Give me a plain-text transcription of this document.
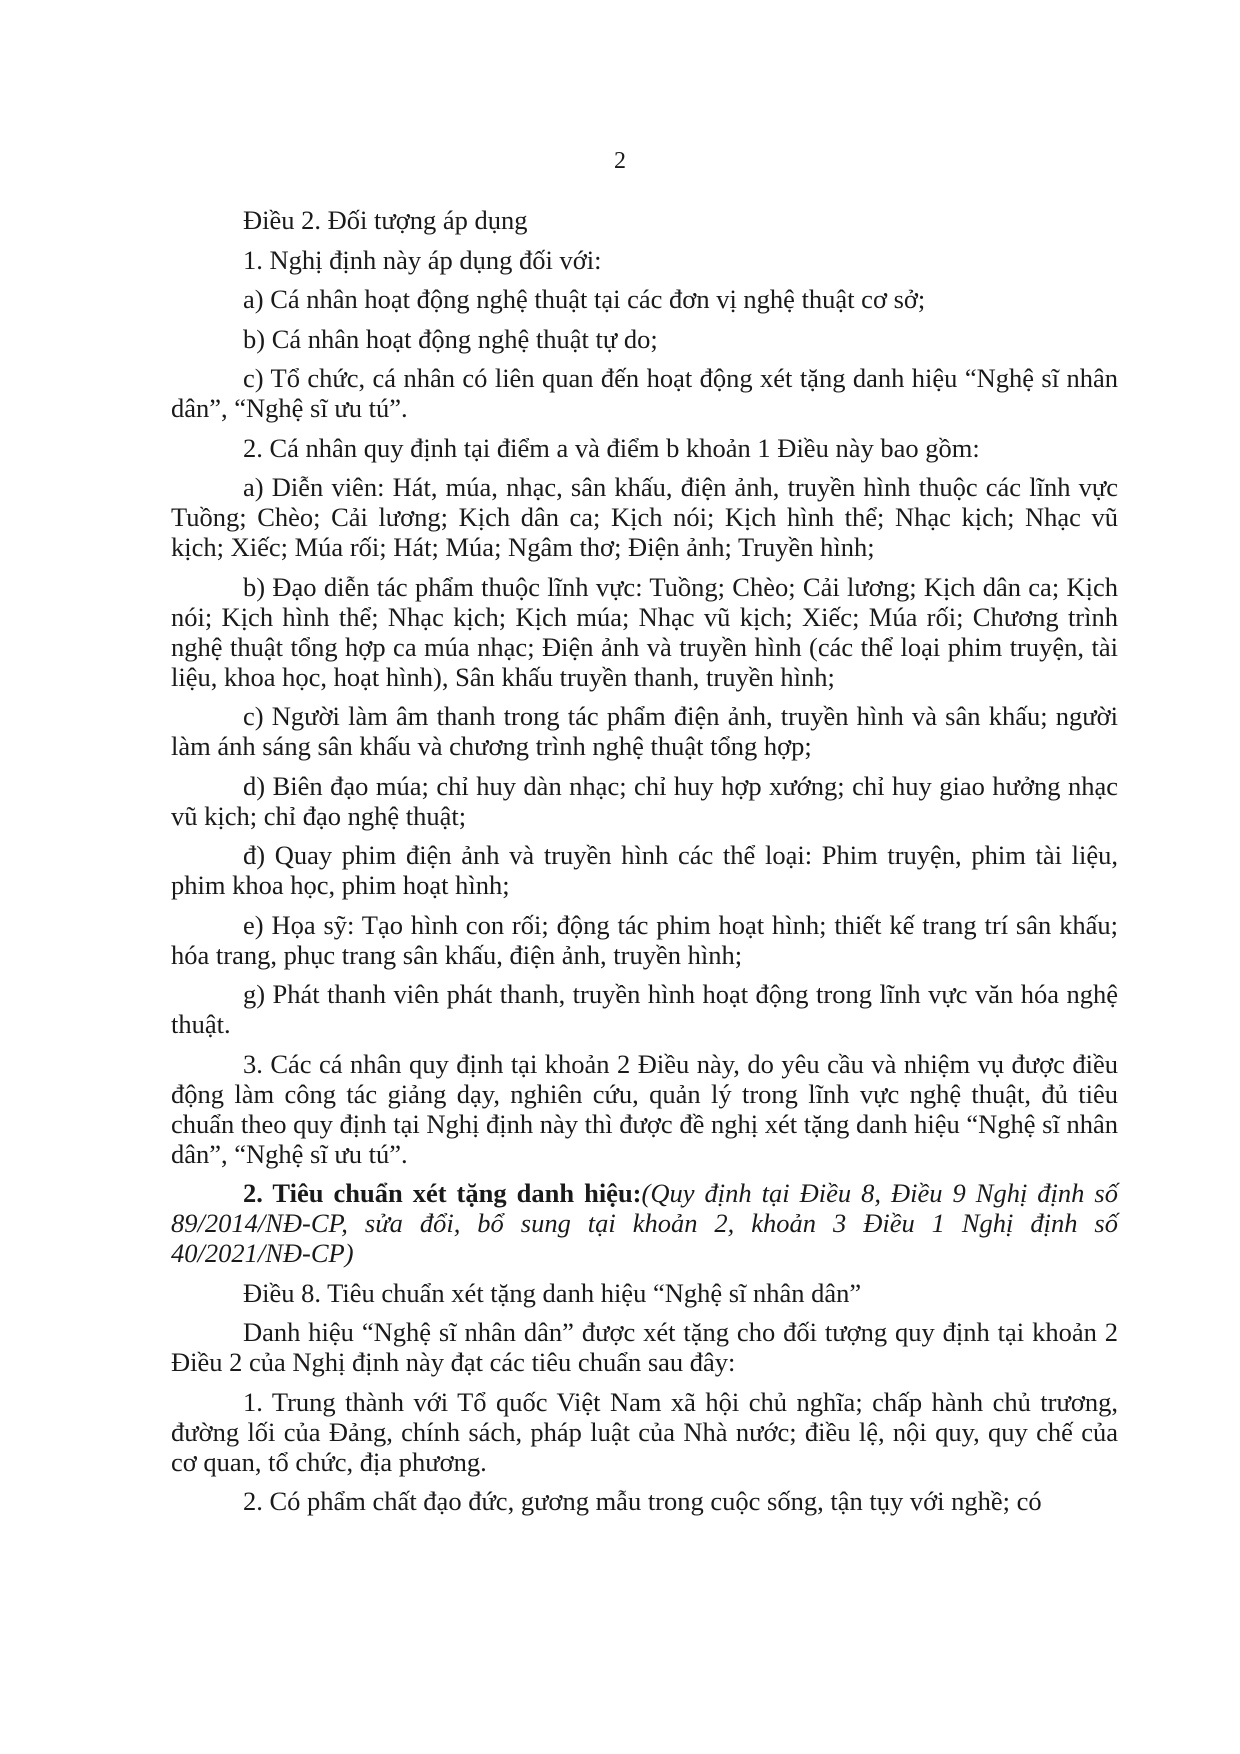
2

Điều 2. Đối tượng áp dụng

1. Nghị định này áp dụng đối với:

a) Cá nhân hoạt động nghệ thuật tại các đơn vị nghệ thuật cơ sở;

b) Cá nhân hoạt động nghệ thuật tự do;

c) Tổ chức, cá nhân có liên quan đến hoạt động xét tặng danh hiệu “Nghệ sĩ nhân dân”, “Nghệ sĩ ưu tú”.

2. Cá nhân quy định tại điểm a và điểm b khoản 1 Điều này bao gồm:

a) Diễn viên: Hát, múa, nhạc, sân khấu, điện ảnh, truyền hình thuộc các lĩnh vực Tuồng; Chèo; Cải lương; Kịch dân ca; Kịch nói; Kịch hình thể; Nhạc kịch; Nhạc vũ kịch; Xiếc; Múa rối; Hát; Múa; Ngâm thơ; Điện ảnh; Truyền hình;

b) Đạo diễn tác phẩm thuộc lĩnh vực: Tuồng; Chèo; Cải lương; Kịch dân ca; Kịch nói; Kịch hình thể; Nhạc kịch; Kịch múa; Nhạc vũ kịch; Xiếc; Múa rối; Chương trình nghệ thuật tổng hợp ca múa nhạc; Điện ảnh và truyền hình (các thể loại phim truyện, tài liệu, khoa học, hoạt hình), Sân khấu truyền thanh, truyền hình;

c) Người làm âm thanh trong tác phẩm điện ảnh, truyền hình và sân khấu; người làm ánh sáng sân khấu và chương trình nghệ thuật tổng hợp;

d) Biên đạo múa; chỉ huy dàn nhạc; chỉ huy hợp xướng; chỉ huy giao hưởng nhạc vũ kịch; chỉ đạo nghệ thuật;

đ) Quay phim điện ảnh và truyền hình các thể loại: Phim truyện, phim tài liệu, phim khoa học, phim hoạt hình;

e) Họa sỹ: Tạo hình con rối; động tác phim hoạt hình; thiết kế trang trí sân khấu; hóa trang, phục trang sân khấu, điện ảnh, truyền hình;

g) Phát thanh viên phát thanh, truyền hình hoạt động trong lĩnh vực văn hóa nghệ thuật.

3. Các cá nhân quy định tại khoản 2 Điều này, do yêu cầu và nhiệm vụ được điều động làm công tác giảng dạy, nghiên cứu, quản lý trong lĩnh vực nghệ thuật, đủ tiêu chuẩn theo quy định tại Nghị định này thì được đề nghị xét tặng danh hiệu “Nghệ sĩ nhân dân”, “Nghệ sĩ ưu tú”.

2. Tiêu chuẩn xét tặng danh hiệu:(Quy định tại Điều 8, Điều 9 Nghị định số 89/2014/NĐ-CP, sửa đổi, bổ sung tại khoản 2, khoản 3 Điều 1 Nghị định số 40/2021/NĐ-CP)

Điều 8. Tiêu chuẩn xét tặng danh hiệu “Nghệ sĩ nhân dân”

Danh hiệu “Nghệ sĩ nhân dân” được xét tặng cho đối tượng quy định tại khoản 2 Điều 2 của Nghị định này đạt các tiêu chuẩn sau đây:

1. Trung thành với Tổ quốc Việt Nam xã hội chủ nghĩa; chấp hành chủ trương, đường lối của Đảng, chính sách, pháp luật của Nhà nước; điều lệ, nội quy, quy chế của cơ quan, tổ chức, địa phương.

2. Có phẩm chất đạo đức, gương mẫu trong cuộc sống, tận tụy với nghề; có
